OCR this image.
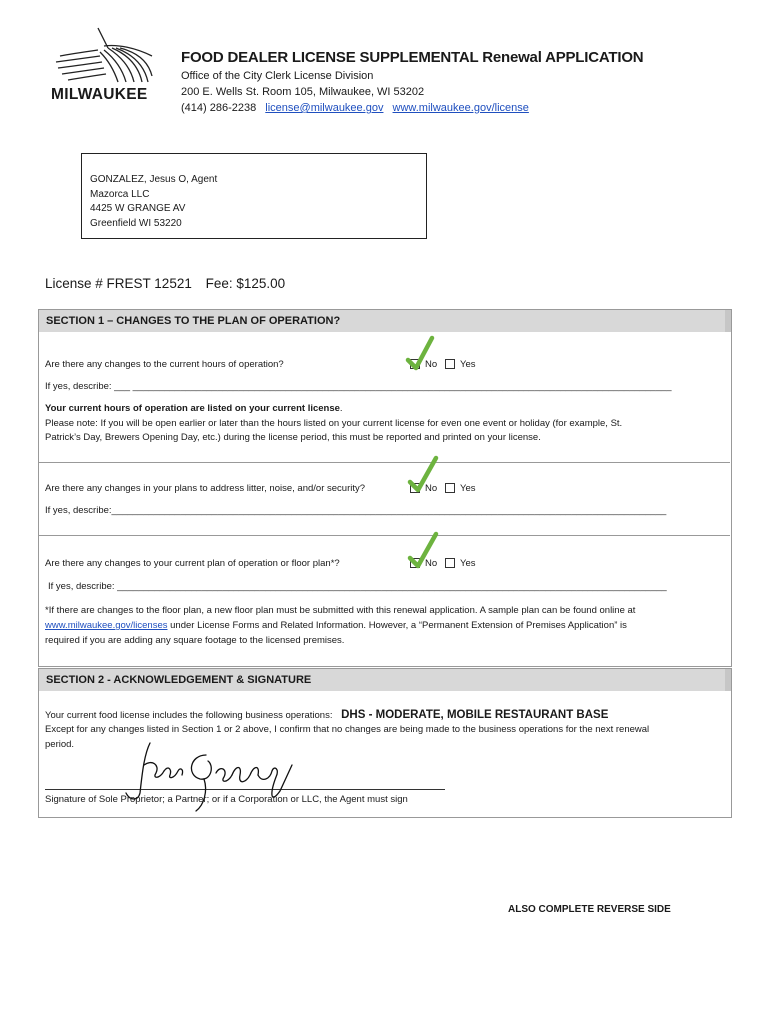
MILWAUKEE
FOOD DEALER LICENSE SUPPLEMENTAL Renewal APPLICATION
Office of the City Clerk License Division
200 E. Wells St. Room 105, Milwaukee, WI 53202
(414) 286-2238 license@milwaukee.gov www.milwaukee.gov/license
GONZALEZ, Jesus O, Agent
Mazorca LLC
4425 W GRANGE AV
Greenfield WI 53220
License # FREST 12521 Fee: $125.00
SECTION 1 – CHANGES TO THE PLAN OF OPERATION?
Are there any changes to the current hours of operation?	No Yes
If yes, describe: ___ ______________________________________________________________________________________________________
Your current hours of operation are listed on your current license.
Please note: If you will be open earlier or later than the hours listed on your current license for even one event or holiday (for example, St.
Patrick’s Day, Brewers Opening Day, etc.) during the license period, this must be reported and printed on your license.
Are there any changes in your plans to address litter, noise, and/or security?	No Yes
If yes, describe:_________________________________________________________________________________________________________
Are there any changes to your current plan of operation or floor plan*?	No Yes
If yes, describe: ________________________________________________________________________________________________________
*If there are changes to the floor plan, a new floor plan must be submitted with this renewal application. A sample plan can be found online at
www.milwaukee.gov/licenses under License Forms and Related Information. However, a “Permanent Extension of Premises Application” is
required if you are adding any square footage to the licensed premises.
SECTION 2 - ACKNOWLEDGEMENT & SIGNATURE
Your current food license includes the following business operations: DHS - MODERATE, MOBILE RESTAURANT BASE
Except for any changes listed in Section 1 or 2 above, I confirm that no changes are being made to the business operations for the next renewal
period.
Signature of Sole Proprietor; a Partner; or if a Corporation or LLC, the Agent must sign
ALSO COMPLETE REVERSE SIDE
